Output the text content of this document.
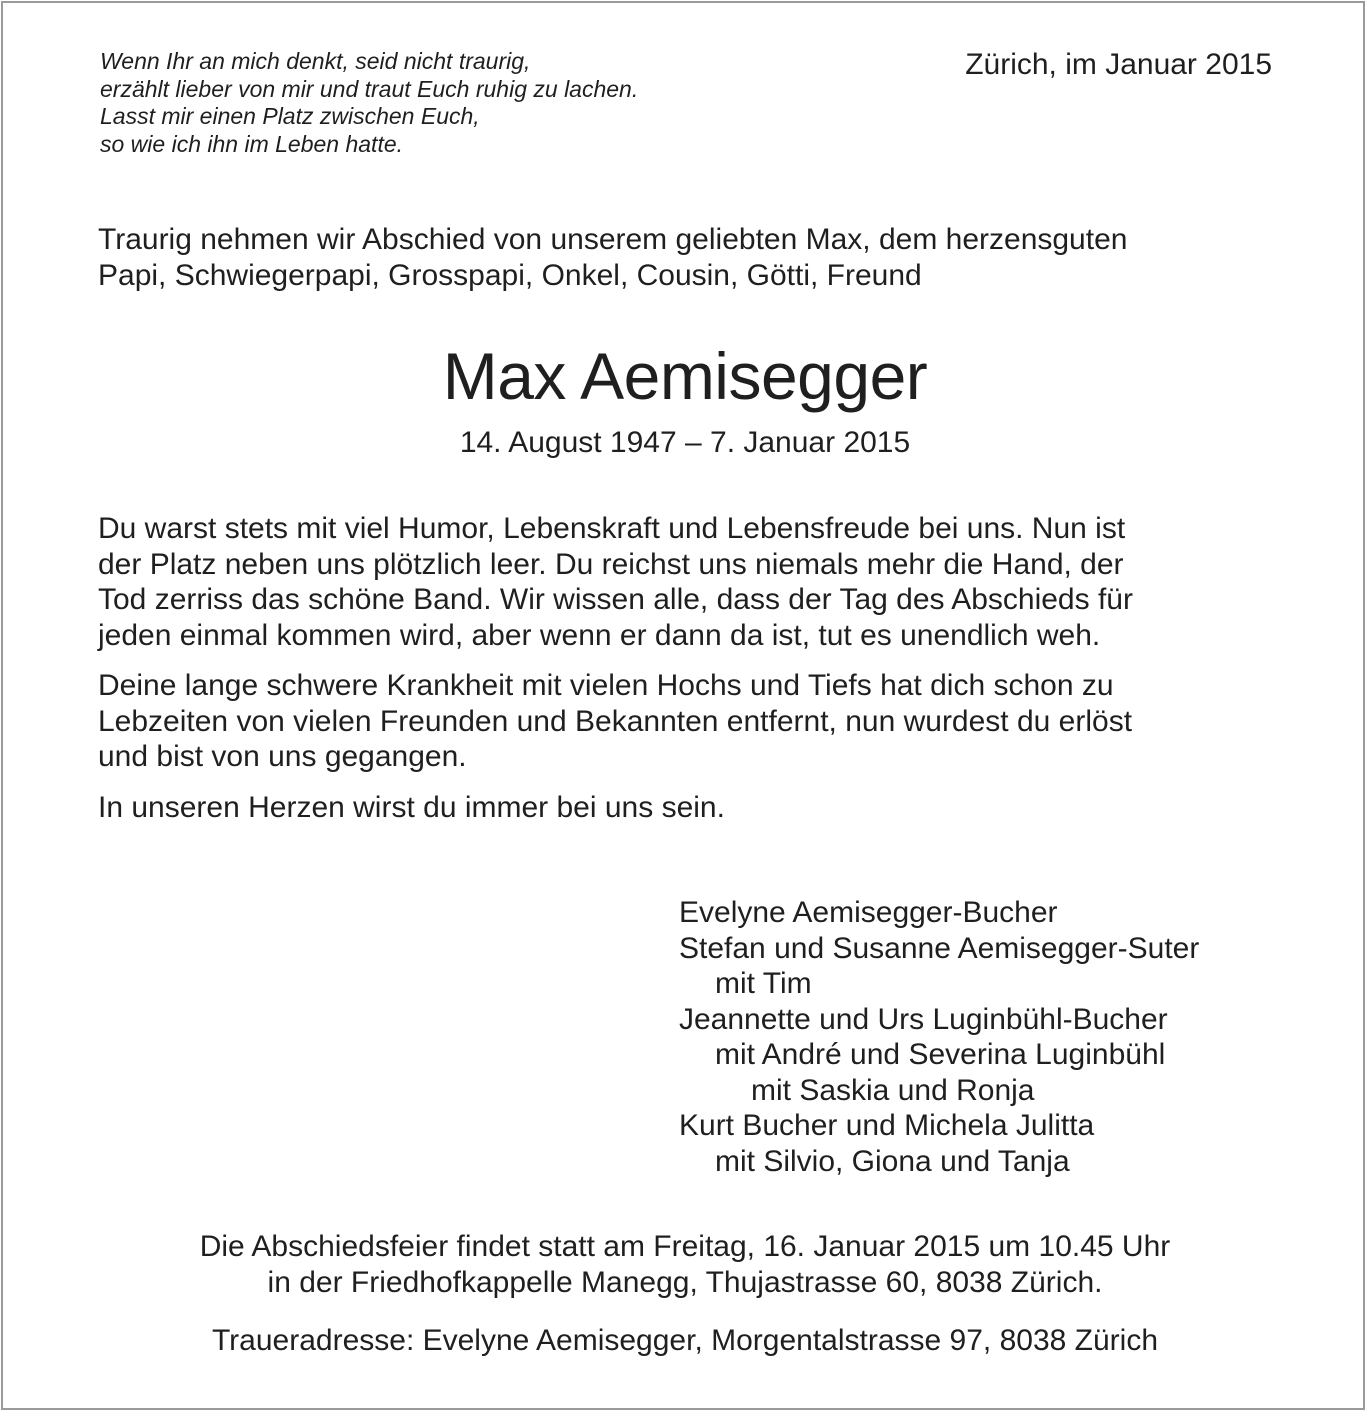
Wenn Ihr an mich denkt, seid nicht traurig,
erzählt lieber von mir und traut Euch ruhig zu lachen.
Lasst mir einen Platz zwischen Euch,
so wie ich ihn im Leben hatte.
Zürich, im Januar 2015
Traurig nehmen wir Abschied von unserem geliebten Max, dem herzensguten
Papi, Schwiegerpapi, Grosspapi, Onkel, Cousin, Götti, Freund
Max Aemisegger
14. August 1947 – 7. Januar 2015
Du warst stets mit viel Humor, Lebenskraft und Lebensfreude bei uns. Nun ist
der Platz neben uns plötzlich leer. Du reichst uns niemals mehr die Hand, der
Tod zerriss das schöne Band. Wir wissen alle, dass der Tag des Abschieds für
jeden einmal kommen wird, aber wenn er dann da ist, tut es unendlich weh.
Deine lange schwere Krankheit mit vielen Hochs und Tiefs hat dich schon zu
Lebzeiten von vielen Freunden und Bekannten entfernt, nun wurdest du erlöst
und bist von uns gegangen.
In unseren Herzen wirst du immer bei uns sein.
Evelyne Aemisegger-Bucher
Stefan und Susanne Aemisegger-Suter
mit Tim
Jeannette und Urs Luginbühl-Bucher
mit André und Severina Luginbühl
mit Saskia und Ronja
Kurt Bucher und Michela Julitta
mit Silvio, Giona und Tanja
Die Abschiedsfeier findet statt am Freitag, 16. Januar 2015 um 10.45 Uhr
in der Friedhofkappelle Manegg, Thujastrasse 60, 8038 Zürich.
Traueradresse: Evelyne Aemisegger, Morgentalstrasse 97, 8038 Zürich
